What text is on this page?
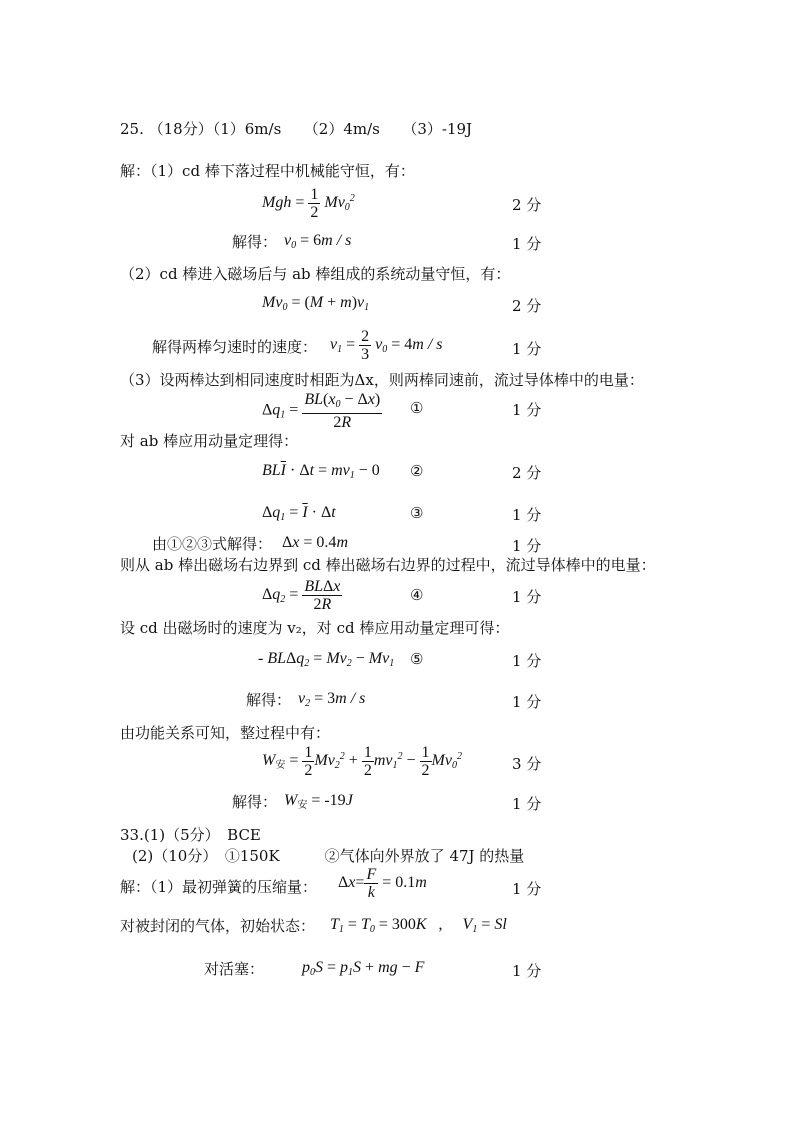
25. （18分）（1）6m/s　　（2）4m/s　　（3）-19J
解：（1）cd 棒下落过程中机械能守恒，有：
Mgh = $\frac{1}{2} Mv_0^2$	2 分
解得： $v_0 = 6m / s$	1 分
（2）cd 棒进入磁场后与 ab 棒组成的系统动量守恒，有：
$Mv_0 = (M + m)v_1$	2 分
解得两棒匀速时的速度： $v_1 = \frac{2}{3} v_0 = 4m / s$	1 分
（3）设两棒达到相同速度时相距为Δx，则两棒同速前，流过导体棒中的电量：
$\Delta q_1 = \frac{BL(x_0 - \Delta x)}{2R}$ ①	1 分
对 ab 棒应用动量定理得：
$BL\overline{I} \cdot \Delta t = mv_1 - 0$ ②	2 分
$\Delta q_1 = \overline{I} \cdot \Delta t$	③	1 分
由①②③式解得： Δx = 0.4m	1 分
则从 ab 棒出磁场右边界到 cd 棒出磁场右边界的过程中，流过导体棒中的电量：
$\Delta q_2 = \frac{\text{BLΔx}}{2R}$	④	1 分
设 cd 出磁场时的速度为 v₂，对 cd 棒应用动量定理可得：
- $BL\Delta q_2 = Mv_2 - Mv_1$ ⑤	1 分
解得： $v_2 = 3m / s$	1 分
由功能关系可知，整过程中有：
$W_安 = \frac{1}{2} Mv_2^2 + \frac{1}{2} mv_1^2 - \frac{1}{2} Mv_0^2$	3 分
解得： $W_安 = -19J$	1 分
33.(1)（5分）　BCE
(2)（10分）　①150K　　　②气体向外界放了 47J 的热量
解：（1）最初弹簧的压缩量： $\Delta x= \frac{F}{k} = 0.1m$	1 分
对被封闭的气体，初始状态： $T_1 = T_0 = 300K$   ,     $V_1 = Sl$
对活塞： $p_0S = p_1S$ + mg − F	1 分
